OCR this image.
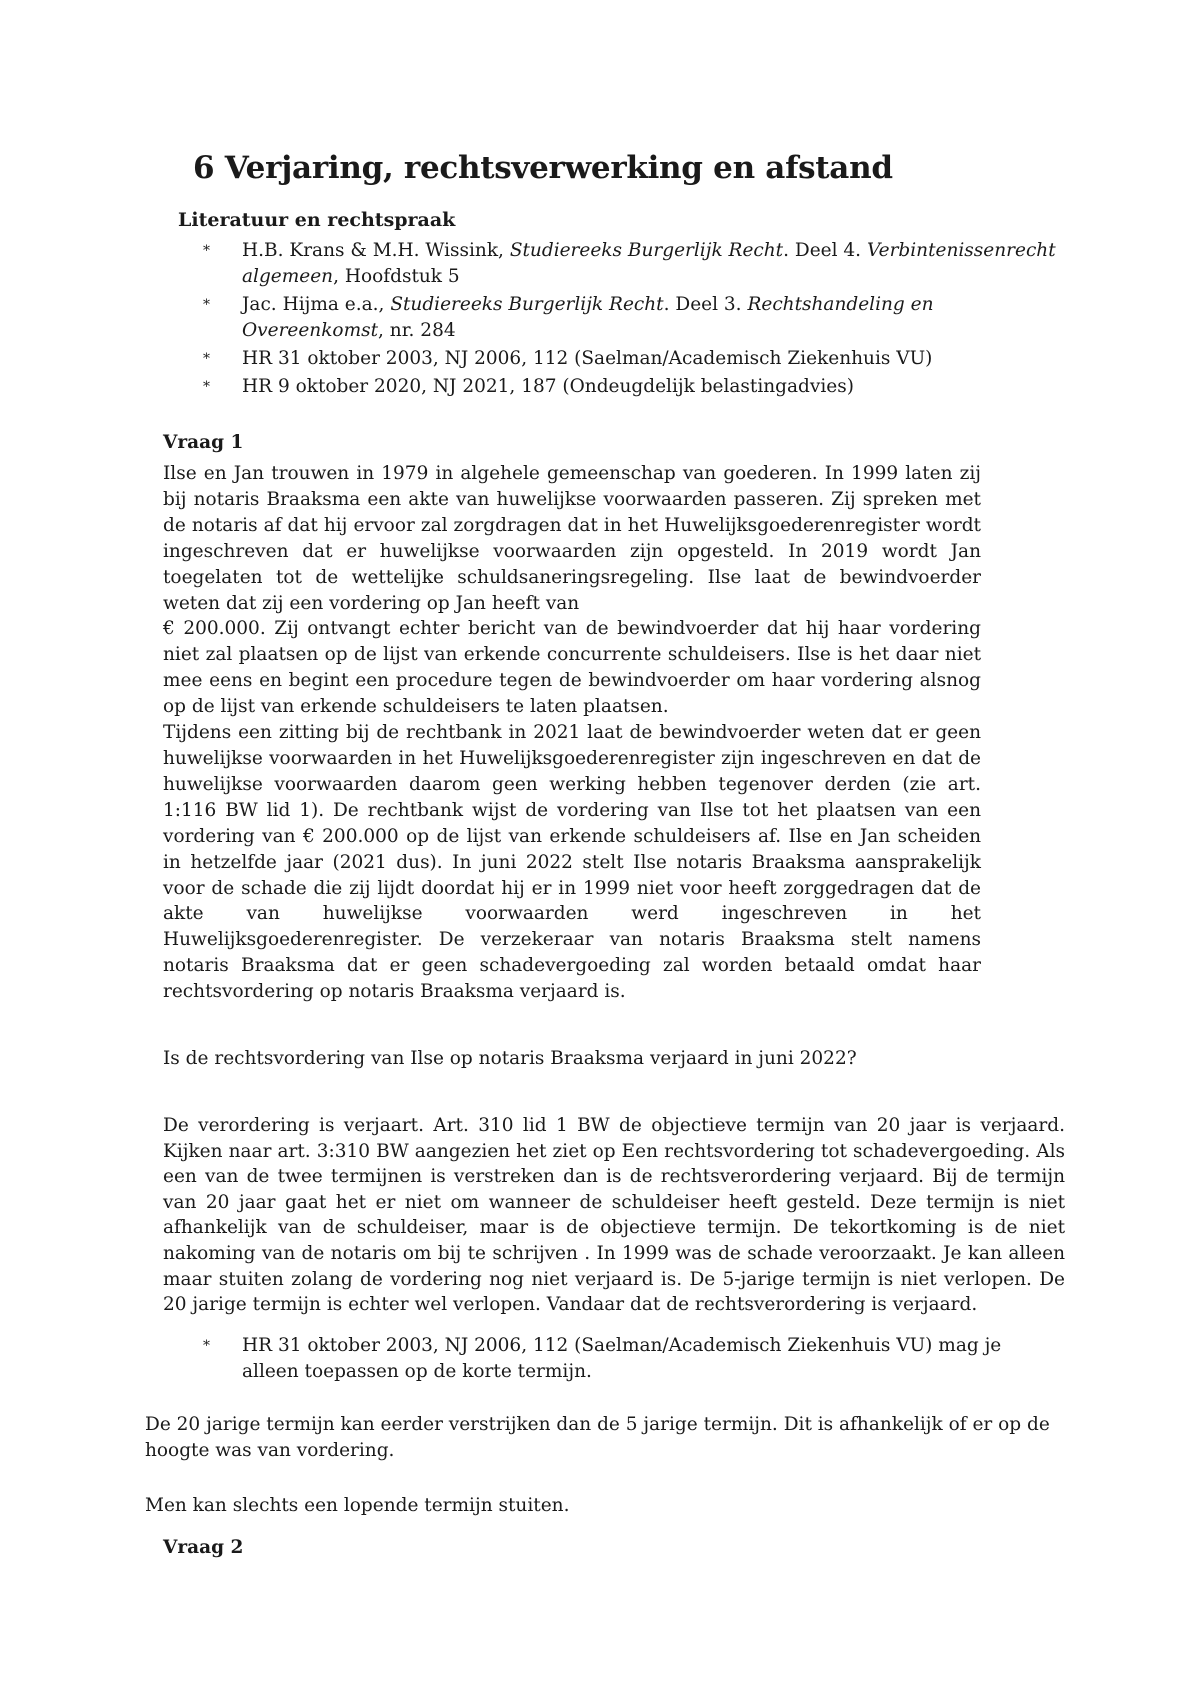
6 Verjaring, rechtsverwerking en afstand

Literatuur en rechtspraak

* H.B. Krans & M.H. Wissink, Studiereeks Burgerlijk Recht. Deel 4. Verbintenissenrecht algemeen, Hoofdstuk 5
* Jac. Hijma e.a., Studiereeks Burgerlijk Recht. Deel 3. Rechtshandeling en Overeenkomst, nr. 284
* HR 31 oktober 2003, NJ 2006, 112 (Saelman/Academisch Ziekenhuis VU)
* HR 9 oktober 2020, NJ 2021, 187 (Ondeugdelijk belastingadvies)

Vraag 1

Ilse en Jan trouwen in 1979 in algehele gemeenschap van goederen. In 1999 laten zij bij notaris Braaksma een akte van huwelijkse voorwaarden passeren. Zij spreken met de notaris af dat hij ervoor zal zorgdragen dat in het Huwelijksgoederenregister wordt ingeschreven dat er huwelijkse voorwaarden zijn opgesteld. In 2019 wordt Jan toegelaten tot de wettelijke schuldsaneringsregeling. Ilse laat de bewindvoerder weten dat zij een vordering op Jan heeft van

€ 200.000. Zij ontvangt echter bericht van de bewindvoerder dat hij haar vordering niet zal plaatsen op de lijst van erkende concurrente schuldeisers. Ilse is het daar niet mee eens en begint een procedure tegen de bewindvoerder om haar vordering alsnog op de lijst van erkende schuldeisers te laten plaatsen.

Tijdens een zitting bij de rechtbank in 2021 laat de bewindvoerder weten dat er geen huwelijkse voorwaarden in het Huwelijksgoederenregister zijn ingeschreven en dat de huwelijkse voorwaarden daarom geen werking hebben tegenover derden (zie art. 1:116 BW lid 1). De rechtbank wijst de vordering van Ilse tot het plaatsen van een vordering van € 200.000 op de lijst van erkende schuldeisers af. Ilse en Jan scheiden in hetzelfde jaar (2021 dus). In juni 2022 stelt Ilse notaris Braaksma aansprakelijk voor de schade die zij lijdt doordat hij er in 1999 niet voor heeft zorggedragen dat de akte van huwelijkse voorwaarden werd ingeschreven in het Huwelijksgoederenregister. De verzekeraar van notaris Braaksma stelt namens notaris Braaksma dat er geen schadevergoeding zal worden betaald omdat haar rechtsvordering op notaris Braaksma verjaard is.

Is de rechtsvordering van Ilse op notaris Braaksma verjaard in juni 2022?

De verordering is verjaart. Art. 310 lid 1 BW de objectieve termijn van 20 jaar is verjaard. Kijken naar art. 3:310 BW aangezien het ziet op Een rechtsvordering tot schadevergoeding. Als een van de twee termijnen is verstreken dan is de rechtsverordering verjaard. Bij de termijn van 20 jaar gaat het er niet om wanneer de schuldeiser heeft gesteld. Deze termijn is niet afhankelijk van de schuldeiser, maar is de objectieve termijn. De tekortkoming is de niet nakoming van de notaris om bij te schrijven . In 1999 was de schade veroorzaakt. Je kan alleen maar stuiten zolang de vordering nog niet verjaard is. De 5-jarige termijn is niet verlopen. De 20 jarige termijn is echter wel verlopen. Vandaar dat de rechtsverordering is verjaard.

* HR 31 oktober 2003, NJ 2006, 112 (Saelman/Academisch Ziekenhuis VU) mag je alleen toepassen op de korte termijn.

De 20 jarige termijn kan eerder verstrijken dan de 5 jarige termijn. Dit is afhankelijk of er op de hoogte was van vordering.

Men kan slechts een lopende termijn stuiten.

Vraag 2
